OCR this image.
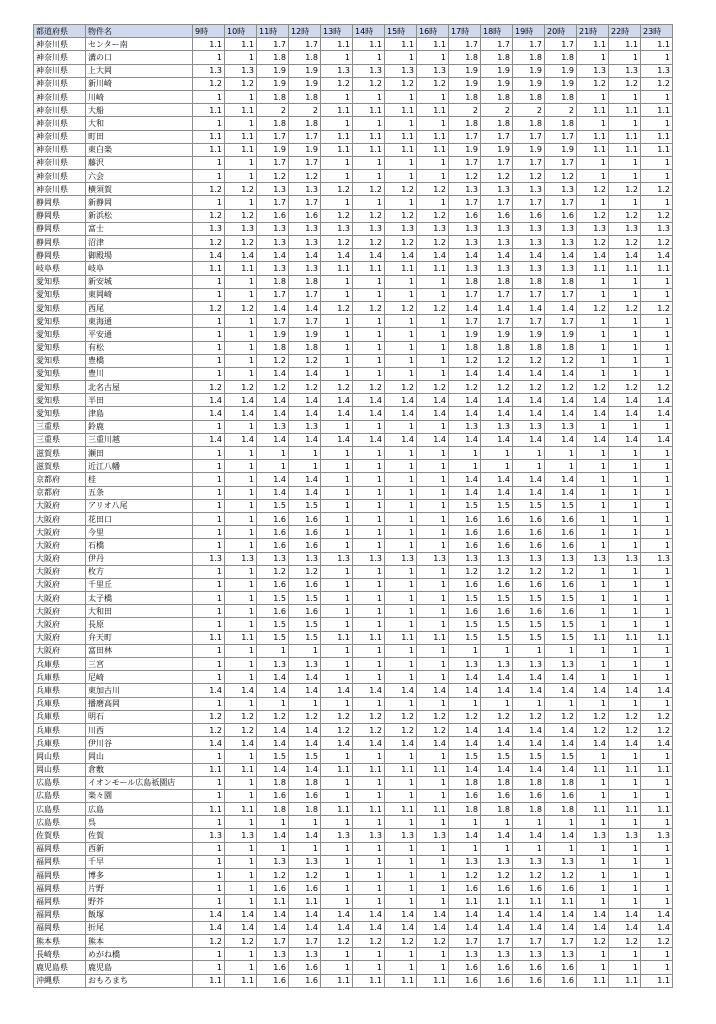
都道府県	物件名	9時	10時	11時	12時	13時	14時	15時	16時	17時	18時	19時	20時	21時	22時	23時
神奈川県	センター南	1.1	1.1	1.7	1.7	1.1	1.1	1.1	1.1	1.7	1.7	1.7	1.7	1.1	1.1	1.1
神奈川県	溝の口	1	1	1.8	1.8	1	1	1	1	1.8	1.8	1.8	1.8	1	1	1
神奈川県	上大岡	1.3	1.3	1.9	1.9	1.3	1.3	1.3	1.3	1.9	1.9	1.9	1.9	1.3	1.3	1.3
神奈川県	新川崎	1.2	1.2	1.9	1.9	1.2	1.2	1.2	1.2	1.9	1.9	1.9	1.9	1.2	1.2	1.2
神奈川県	川崎	1	1	1.8	1.8	1	1	1	1	1.8	1.8	1.8	1.8	1	1	1
神奈川県	大船	1.1	1.1	2	2	1.1	1.1	1.1	1.1	2	2	2	2	1.1	1.1	1.1
神奈川県	大和	1	1	1.8	1.8	1	1	1	1	1.8	1.8	1.8	1.8	1	1	1
神奈川県	町田	1.1	1.1	1.7	1.7	1.1	1.1	1.1	1.1	1.7	1.7	1.7	1.7	1.1	1.1	1.1
神奈川県	東白楽	1.1	1.1	1.9	1.9	1.1	1.1	1.1	1.1	1.9	1.9	1.9	1.9	1.1	1.1	1.1
神奈川県	藤沢	1	1	1.7	1.7	1	1	1	1	1.7	1.7	1.7	1.7	1	1	1
神奈川県	六会	1	1	1.2	1.2	1	1	1	1	1.2	1.2	1.2	1.2	1	1	1
神奈川県	横須賀	1.2	1.2	1.3	1.3	1.2	1.2	1.2	1.2	1.3	1.3	1.3	1.3	1.2	1.2	1.2
静岡県	新静岡	1	1	1.7	1.7	1	1	1	1	1.7	1.7	1.7	1.7	1	1	1
静岡県	新浜松	1.2	1.2	1.6	1.6	1.2	1.2	1.2	1.2	1.6	1.6	1.6	1.6	1.2	1.2	1.2
静岡県	富士	1.3	1.3	1.3	1.3	1.3	1.3	1.3	1.3	1.3	1.3	1.3	1.3	1.3	1.3	1.3
静岡県	沼津	1.2	1.2	1.3	1.3	1.2	1.2	1.2	1.2	1.3	1.3	1.3	1.3	1.2	1.2	1.2
静岡県	御殿場	1.4	1.4	1.4	1.4	1.4	1.4	1.4	1.4	1.4	1.4	1.4	1.4	1.4	1.4	1.4
岐阜県	岐阜	1.1	1.1	1.3	1.3	1.1	1.1	1.1	1.1	1.3	1.3	1.3	1.3	1.1	1.1	1.1
愛知県	新安城	1	1	1.8	1.8	1	1	1	1	1.8	1.8	1.8	1.8	1	1	1
愛知県	東岡崎	1	1	1.7	1.7	1	1	1	1	1.7	1.7	1.7	1.7	1	1	1
愛知県	西尾	1.2	1.2	1.4	1.4	1.2	1.2	1.2	1.2	1.4	1.4	1.4	1.4	1.2	1.2	1.2
愛知県	東海通	1	1	1.7	1.7	1	1	1	1	1.7	1.7	1.7	1.7	1	1	1
愛知県	平安通	1	1	1.9	1.9	1	1	1	1	1.9	1.9	1.9	1.9	1	1	1
愛知県	有松	1	1	1.8	1.8	1	1	1	1	1.8	1.8	1.8	1.8	1	1	1
愛知県	豊橋	1	1	1.2	1.2	1	1	1	1	1.2	1.2	1.2	1.2	1	1	1
愛知県	豊川	1	1	1.4	1.4	1	1	1	1	1.4	1.4	1.4	1.4	1	1	1
愛知県	北名古屋	1.2	1.2	1.2	1.2	1.2	1.2	1.2	1.2	1.2	1.2	1.2	1.2	1.2	1.2	1.2
愛知県	半田	1.4	1.4	1.4	1.4	1.4	1.4	1.4	1.4	1.4	1.4	1.4	1.4	1.4	1.4	1.4
愛知県	津島	1.4	1.4	1.4	1.4	1.4	1.4	1.4	1.4	1.4	1.4	1.4	1.4	1.4	1.4	1.4
三重県	鈴鹿	1	1	1.3	1.3	1	1	1	1	1.3	1.3	1.3	1.3	1	1	1
三重県	三重川越	1.4	1.4	1.4	1.4	1.4	1.4	1.4	1.4	1.4	1.4	1.4	1.4	1.4	1.4	1.4
滋賀県	瀬田	1	1	1	1	1	1	1	1	1	1	1	1	1	1	1
滋賀県	近江八幡	1	1	1	1	1	1	1	1	1	1	1	1	1	1	1
京都府	桂	1	1	1.4	1.4	1	1	1	1	1.4	1.4	1.4	1.4	1	1	1
京都府	五条	1	1	1.4	1.4	1	1	1	1	1.4	1.4	1.4	1.4	1	1	1
大阪府	アリオ八尾	1	1	1.5	1.5	1	1	1	1	1.5	1.5	1.5	1.5	1	1	1
大阪府	花田口	1	1	1.6	1.6	1	1	1	1	1.6	1.6	1.6	1.6	1	1	1
大阪府	今里	1	1	1.6	1.6	1	1	1	1	1.6	1.6	1.6	1.6	1	1	1
大阪府	石橋	1	1	1.6	1.6	1	1	1	1	1.6	1.6	1.6	1.6	1	1	1
大阪府	伊丹	1.3	1.3	1.3	1.3	1.3	1.3	1.3	1.3	1.3	1.3	1.3	1.3	1.3	1.3	1.3
大阪府	枚方	1	1	1.2	1.2	1	1	1	1	1.2	1.2	1.2	1.2	1	1	1
大阪府	千里丘	1	1	1.6	1.6	1	1	1	1	1.6	1.6	1.6	1.6	1	1	1
大阪府	太子橋	1	1	1.5	1.5	1	1	1	1	1.5	1.5	1.5	1.5	1	1	1
大阪府	大和田	1	1	1.6	1.6	1	1	1	1	1.6	1.6	1.6	1.6	1	1	1
大阪府	長原	1	1	1.5	1.5	1	1	1	1	1.5	1.5	1.5	1.5	1	1	1
大阪府	弁天町	1.1	1.1	1.5	1.5	1.1	1.1	1.1	1.1	1.5	1.5	1.5	1.5	1.1	1.1	1.1
大阪府	富田林	1	1	1	1	1	1	1	1	1	1	1	1	1	1	1
兵庫県	三宮	1	1	1.3	1.3	1	1	1	1	1.3	1.3	1.3	1.3	1	1	1
兵庫県	尼崎	1	1	1.4	1.4	1	1	1	1	1.4	1.4	1.4	1.4	1	1	1
兵庫県	東加古川	1.4	1.4	1.4	1.4	1.4	1.4	1.4	1.4	1.4	1.4	1.4	1.4	1.4	1.4	1.4
兵庫県	播磨高岡	1	1	1	1	1	1	1	1	1	1	1	1	1	1	1
兵庫県	明石	1.2	1.2	1.2	1.2	1.2	1.2	1.2	1.2	1.2	1.2	1.2	1.2	1.2	1.2	1.2
兵庫県	川西	1.2	1.2	1.4	1.4	1.2	1.2	1.2	1.2	1.4	1.4	1.4	1.4	1.2	1.2	1.2
兵庫県	伊川谷	1.4	1.4	1.4	1.4	1.4	1.4	1.4	1.4	1.4	1.4	1.4	1.4	1.4	1.4	1.4
岡山県	岡山	1	1	1.5	1.5	1	1	1	1	1.5	1.5	1.5	1.5	1	1	1
岡山県	倉敷	1.1	1.1	1.4	1.4	1.1	1.1	1.1	1.1	1.4	1.4	1.4	1.4	1.1	1.1	1.1
広島県	イオンモール広島祇園店	1	1	1.8	1.8	1	1	1	1	1.8	1.8	1.8	1.8	1	1	1
広島県	楽々園	1	1	1.6	1.6	1	1	1	1	1.6	1.6	1.6	1.6	1	1	1
広島県	広島	1.1	1.1	1.8	1.8	1.1	1.1	1.1	1.1	1.8	1.8	1.8	1.8	1.1	1.1	1.1
広島県	呉	1	1	1	1	1	1	1	1	1	1	1	1	1	1	1
佐賀県	佐賀	1.3	1.3	1.4	1.4	1.3	1.3	1.3	1.3	1.4	1.4	1.4	1.4	1.3	1.3	1.3
福岡県	西新	1	1	1	1	1	1	1	1	1	1	1	1	1	1	1
福岡県	千早	1	1	1.3	1.3	1	1	1	1	1.3	1.3	1.3	1.3	1	1	1
福岡県	博多	1	1	1.2	1.2	1	1	1	1	1.2	1.2	1.2	1.2	1	1	1
福岡県	片野	1	1	1.6	1.6	1	1	1	1	1.6	1.6	1.6	1.6	1	1	1
福岡県	野芥	1	1	1.1	1.1	1	1	1	1	1.1	1.1	1.1	1.1	1	1	1
福岡県	飯塚	1.4	1.4	1.4	1.4	1.4	1.4	1.4	1.4	1.4	1.4	1.4	1.4	1.4	1.4	1.4
福岡県	折尾	1.4	1.4	1.4	1.4	1.4	1.4	1.4	1.4	1.4	1.4	1.4	1.4	1.4	1.4	1.4
熊本県	熊本	1.2	1.2	1.7	1.7	1.2	1.2	1.2	1.2	1.7	1.7	1.7	1.7	1.2	1.2	1.2
長崎県	めがね橋	1	1	1.3	1.3	1	1	1	1	1.3	1.3	1.3	1.3	1	1	1
鹿児島県	鹿児島	1	1	1.6	1.6	1	1	1	1	1.6	1.6	1.6	1.6	1	1	1
沖縄県	おもろまち	1.1	1.1	1.6	1.6	1.1	1.1	1.1	1.1	1.6	1.6	1.6	1.6	1.1	1.1	1.1
